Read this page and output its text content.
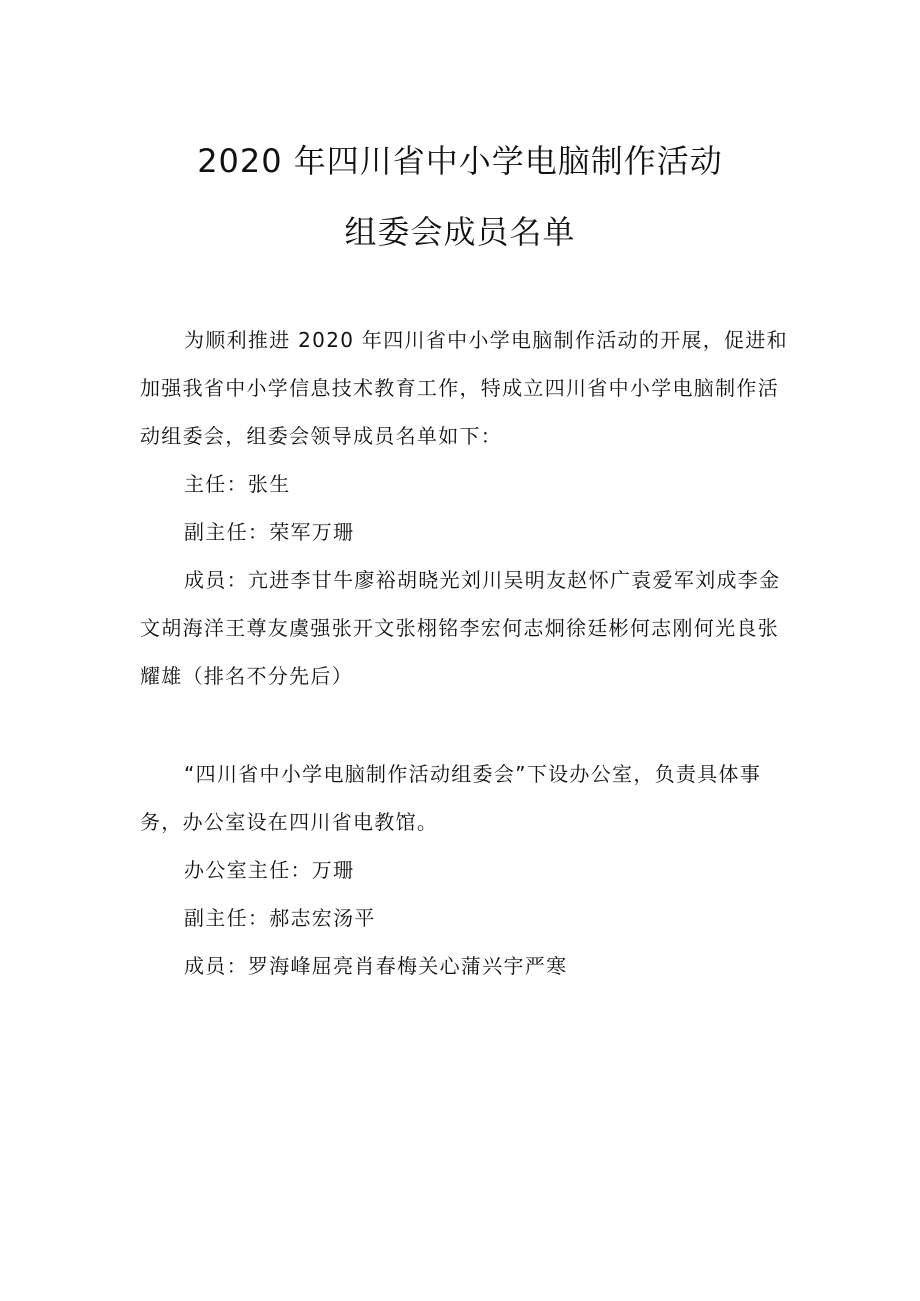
2020 年四川省中小学电脑制作活动
组委会成员名单

为顺利推进 2020 年四川省中小学电脑制作活动的开展，促进和加强我省中小学信息技术教育工作，特成立四川省中小学电脑制作活动组委会，组委会领导成员名单如下：

主任：张生

副主任：荣军万珊

成员：亢进李甘牛廖裕胡晓光刘川吴明友赵怀广袁爱军刘成李金文胡海洋王尊友虞强张开文张栩铭李宏何志炯徐廷彬何志刚何光良张耀雄（排名不分先后）

“四川省中小学电脑制作活动组委会”下设办公室，负责具体事务，办公室设在四川省电教馆。

办公室主任：万珊

副主任：郝志宏汤平

成员：罗海峰屈亮肖春梅关心蒲兴宇严寒
